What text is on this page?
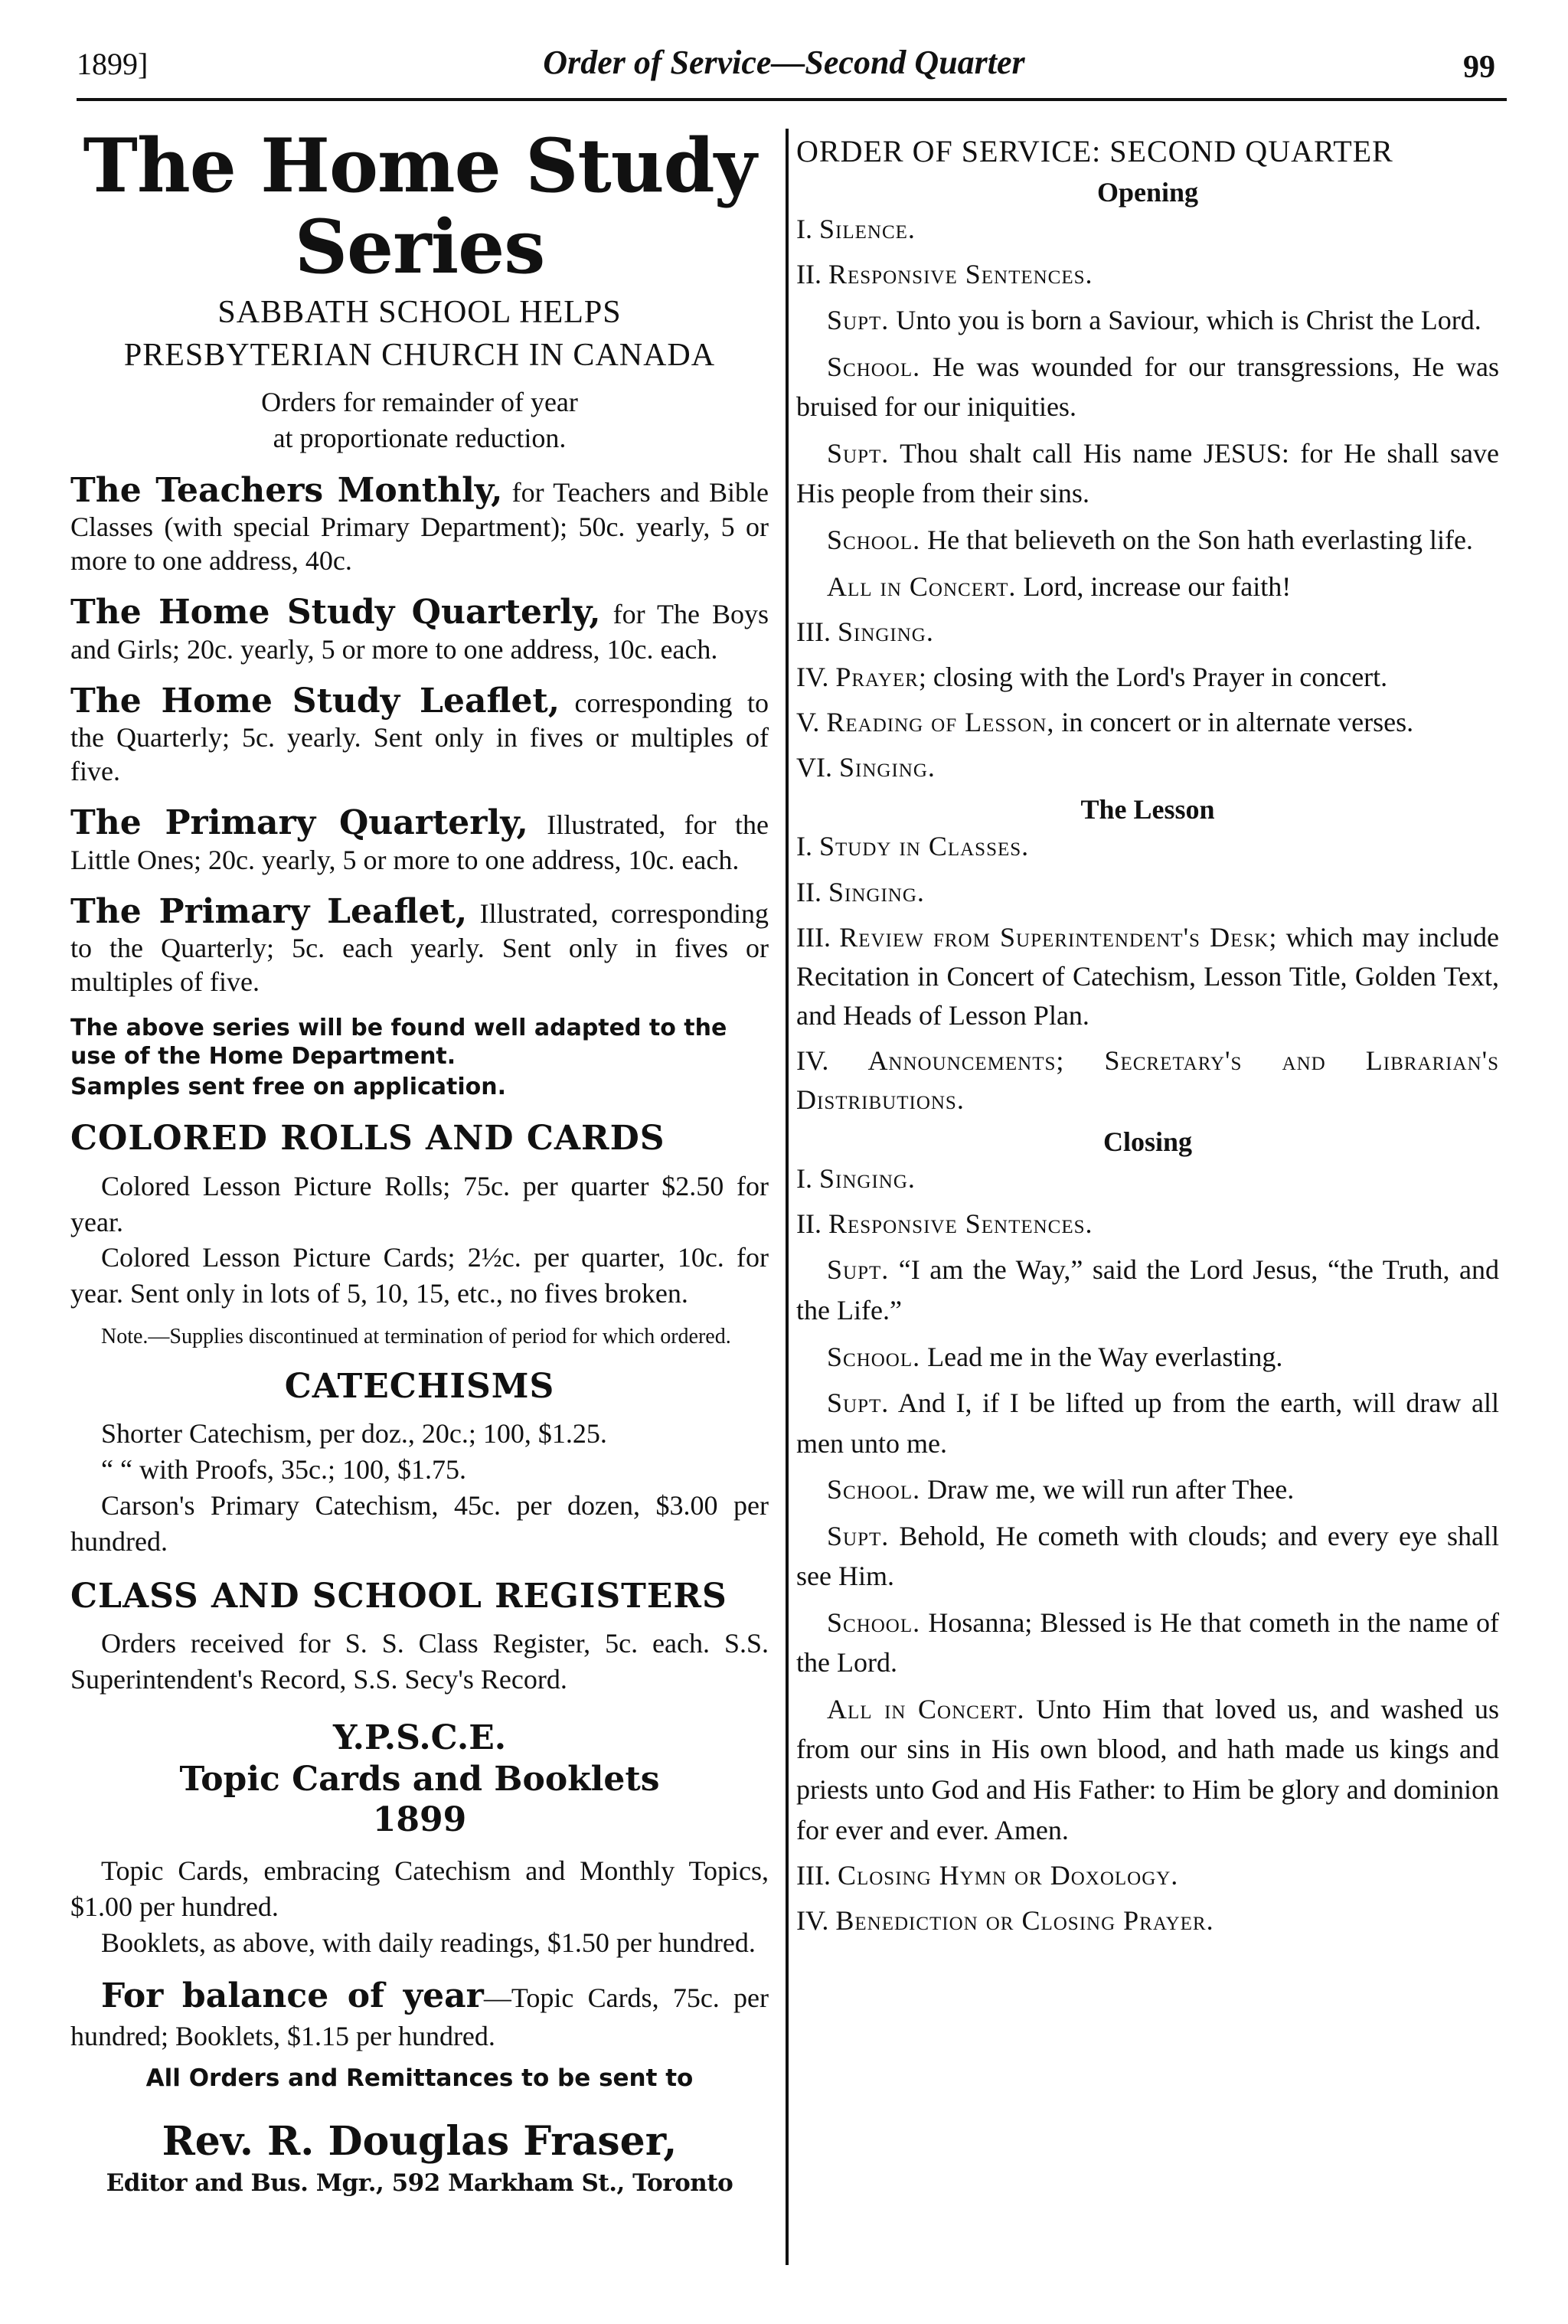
1899]	Order of Service—Second Quarter	99
The Home Study Series
SABBATH SCHOOL HELPS
PRESBYTERIAN CHURCH IN CANADA
Orders for remainder of year
at proportionate reduction.
The Teachers Monthly, for Teachers and Bible Classes (with special Primary Department); 50c. yearly, 5 or more to one address, 40c.
The Home Study Quarterly, for The Boys and Girls; 20c. yearly, 5 or more to one address, 10c. each.
The Home Study Leaflet, corresponding to the Quarterly; 5c. yearly. Sent only in fives or multiples of five.
The Primary Quarterly, Illustrated, for the Little Ones; 20c. yearly, 5 or more to one address, 10c. each.
The Primary Leaflet, Illustrated, corresponding to the Quarterly; 5c. each yearly. Sent only in fives or multiples of five.
The above series will be found well adapted to the use of the Home Department.
Samples sent free on application.
COLORED ROLLS AND CARDS
Colored Lesson Picture Rolls; 75c. per quarter $2.50 for year.
Colored Lesson Picture Cards; 2½c. per quarter, 10c. for year. Sent only in lots of 5, 10, 15, etc., no fives broken.
Note.—Supplies discontinued at termination of period for which ordered.
CATECHISMS
Shorter Catechism, per doz., 20c.; 100, $1.25.
“ “ with Proofs, 35c.; 100, $1.75.
Carson's Primary Catechism, 45c. per dozen, $3.00 per hundred.
CLASS AND SCHOOL REGISTERS
Orders received for S. S. Class Register, 5c. each. S.S. Superintendent's Record, S.S. Secy's Record.
Y.P.S.C.E.
Topic Cards and Booklets
1899
Topic Cards, embracing Catechism and Monthly Topics, $1.00 per hundred.
Booklets, as above, with daily readings, $1.50 per hundred.
For balance of year—Topic Cards, 75c. per hundred; Booklets, $1.15 per hundred.
All Orders and Remittances to be sent to
Rev. R. Douglas Fraser,
Editor and Bus. Mgr., 592 Markham St., Toronto
ORDER OF SERVICE: SECOND QUARTER
Opening
I. Silence.
II. Responsive Sentences.
Supt. Unto you is born a Saviour, which is Christ the Lord.
School. He was wounded for our transgressions, He was bruised for our iniquities.
Supt. Thou shalt call His name JESUS: for He shall save His people from their sins.
School. He that believeth on the Son hath everlasting life.
All in Concert. Lord, increase our faith!
III. Singing.
IV. Prayer; closing with the Lord's Prayer in concert.
V. Reading of Lesson, in concert or in alternate verses.
VI. Singing.
The Lesson
I. Study in Classes.
II. Singing.
III. Review from Superintendent's Desk; which may include Recitation in Concert of Catechism, Lesson Title, Golden Text, and Heads of Lesson Plan.
IV. Announcements; Secretary's and Librarian's Distributions.
Closing
I. Singing.
II. Responsive Sentences.
Supt. “I am the Way,” said the Lord Jesus, “the Truth, and the Life.”
School. Lead me in the Way everlasting.
Supt. And I, if I be lifted up from the earth, will draw all men unto me.
School. Draw me, we will run after Thee.
Supt. Behold, He cometh with clouds; and every eye shall see Him.
School. Hosanna; Blessed is He that cometh in the name of the Lord.
All in Concert. Unto Him that loved us, and washed us from our sins in His own blood, and hath made us kings and priests unto God and His Father: to Him be glory and dominion for ever and ever. Amen.
III. Closing Hymn or Doxology.
IV. Benediction or Closing Prayer.
